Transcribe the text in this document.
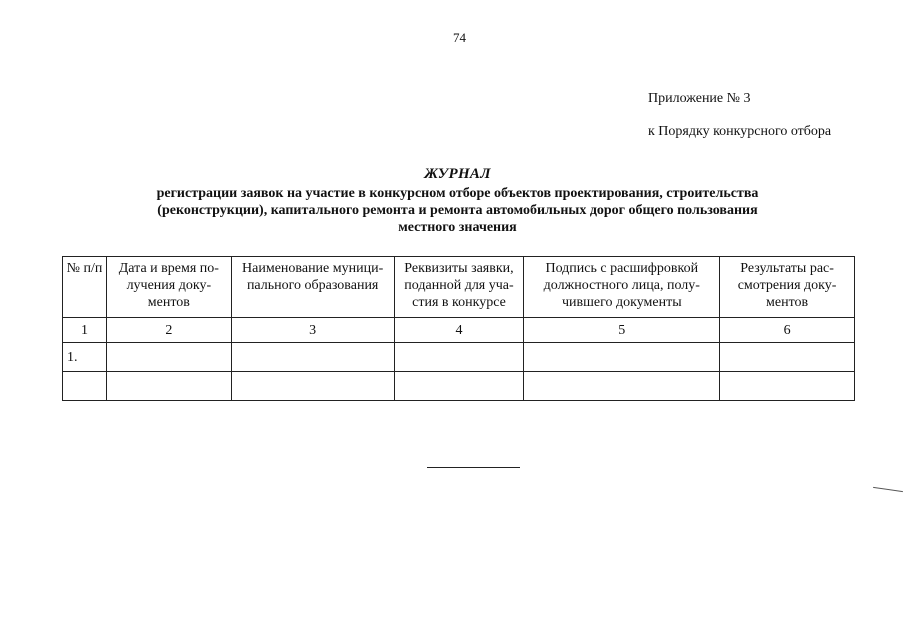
74
Приложение № 3
к Порядку конкурсного отбора
ЖУРНАЛ
регистрации заявок на участие в конкурсном отборе объектов проектирования, строительства
(реконструкции), капитального ремонта и ремонта автомобильных дорог общего пользования
местного значения
№ п/п	Дата и время по-лучения доку-ментов	Наименование муници-пального образования	Реквизиты заявки, поданной для уча-стия в конкурсе	Подпись с расшифровкой должностного лица, полу-чившего документы	Результаты рас-смотрения доку-ментов
1	2	3	4	5	6
1.					
